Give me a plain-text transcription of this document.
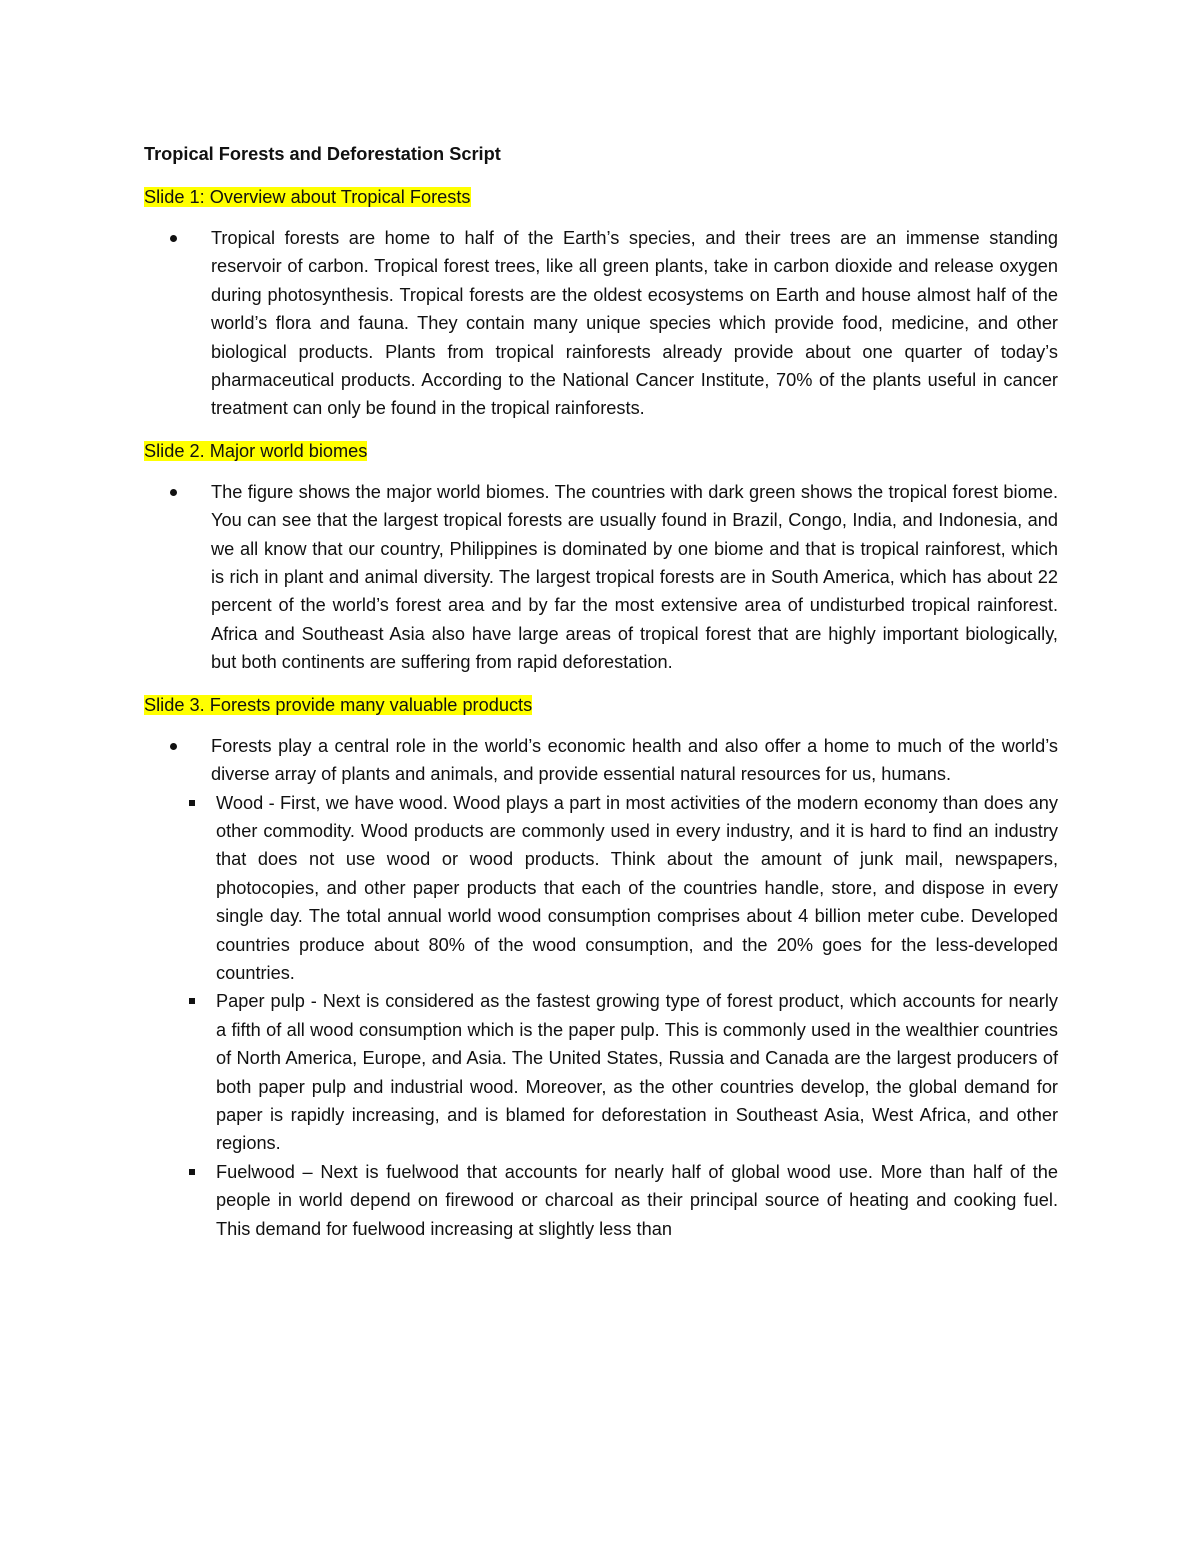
Tropical Forests and Deforestation Script
Slide 1: Overview about Tropical Forests
Tropical forests are home to half of the Earth’s species, and their trees are an immense standing reservoir of carbon. Tropical forest trees, like all green plants, take in carbon dioxide and release oxygen during photosynthesis. Tropical forests are the oldest ecosystems on Earth and house almost half of the world’s flora and fauna. They contain many unique species which provide food, medicine, and other biological products. Plants from tropical rainforests already provide about one quarter of today’s pharmaceutical products. According to the National Cancer Institute, 70% of the plants useful in cancer treatment can only be found in the tropical rainforests.
Slide 2. Major world biomes
The figure shows the major world biomes. The countries with dark green shows the tropical forest biome. You can see that the largest tropical forests are usually found in Brazil, Congo, India, and Indonesia, and we all know that our country, Philippines is dominated by one biome and that is tropical rainforest, which is rich in plant and animal diversity. The largest tropical forests are in South America, which has about 22 percent of the world’s forest area and by far the most extensive area of undisturbed tropical rainforest. Africa and Southeast Asia also have large areas of tropical forest that are highly important biologically, but both continents are suffering from rapid deforestation.
Slide 3. Forests provide many valuable products
Forests play a central role in the world’s economic health and also offer a home to much of the world’s diverse array of plants and animals, and provide essential natural resources for us, humans.
Wood - First, we have wood. Wood plays a part in most activities of the modern economy than does any other commodity. Wood products are commonly used in every industry, and it is hard to find an industry that does not use wood or wood products. Think about the amount of junk mail, newspapers, photocopies, and other paper products that each of the countries handle, store, and dispose in every single day. The total annual world wood consumption comprises about 4 billion meter cube. Developed countries produce about 80% of the wood consumption, and the 20% goes for the less-developed countries.
Paper pulp - Next is considered as the fastest growing type of forest product, which accounts for nearly a fifth of all wood consumption which is the paper pulp. This is commonly used in the wealthier countries of North America, Europe, and Asia. The United States, Russia and Canada are the largest producers of both paper pulp and industrial wood. Moreover, as the other countries develop, the global demand for paper is rapidly increasing, and is blamed for deforestation in Southeast Asia, West Africa, and other regions.
Fuelwood – Next is fuelwood that accounts for nearly half of global wood use. More than half of the people in world depend on firewood or charcoal as their principal source of heating and cooking fuel. This demand for fuelwood increasing at slightly less than
